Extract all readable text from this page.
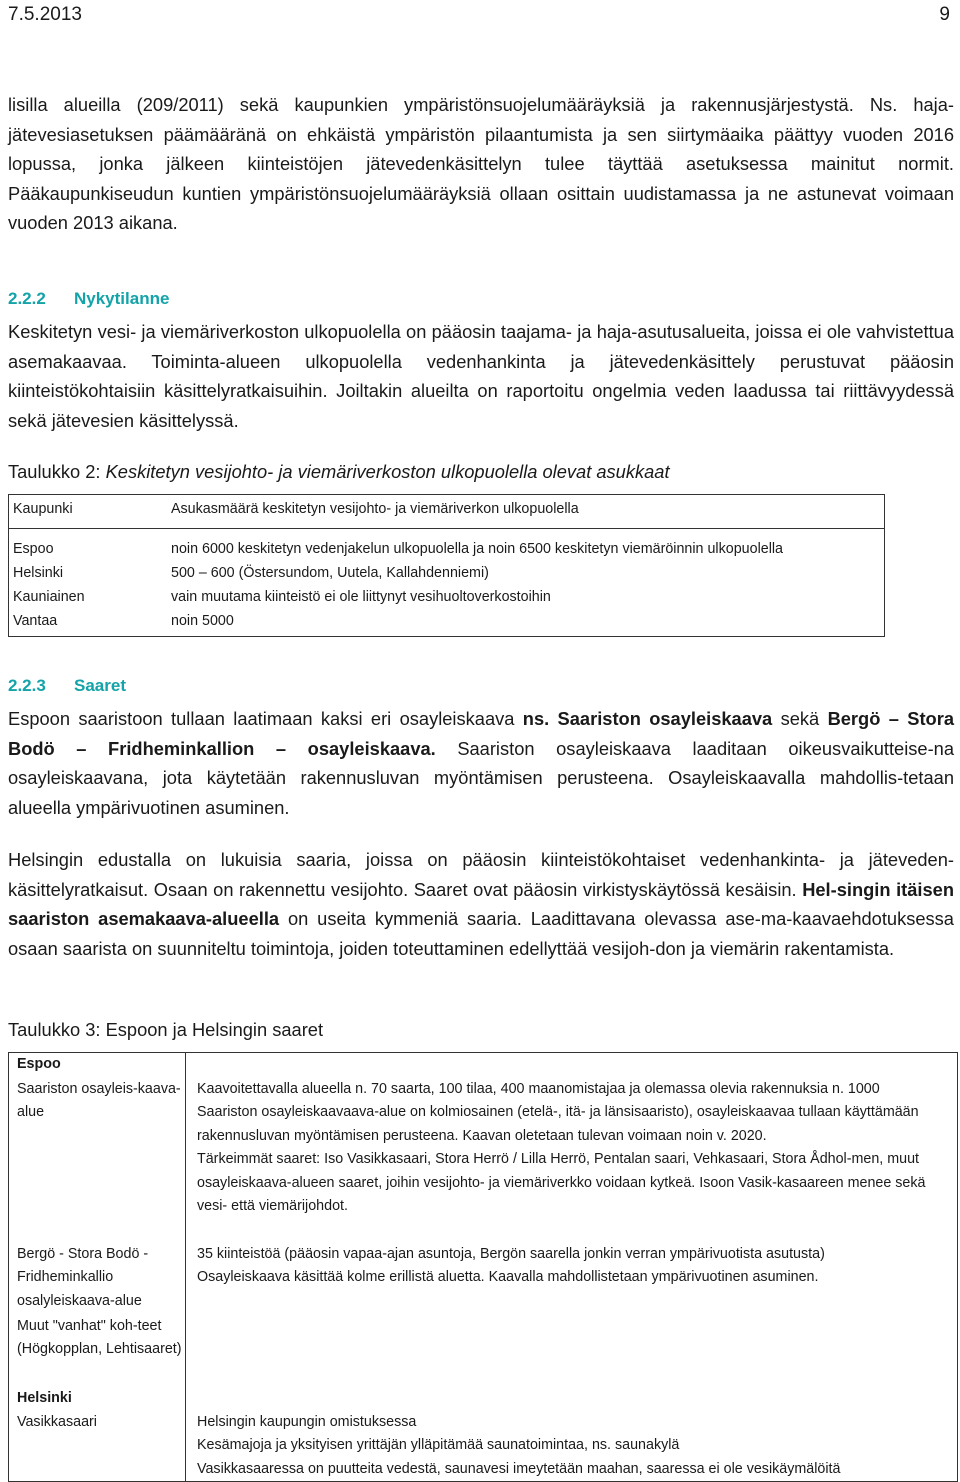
7.5.2013	9

lisilla alueilla (209/2011) sekä kaupunkien ympäristönsuojelumääräyksiä ja rakennusjärjestystä. Ns. haja-jätevesiasetuksen päämääränä on ehkäistä ympäristön pilaantumista ja sen siirtymäaika päättyy vuoden 2016 lopussa, jonka jälkeen kiinteistöjen jätevedenkäsittelyn tulee täyttää asetuksessa mainitut normit. Pääkaupunkiseudun kuntien ympäristönsuojelumääräyksiä ollaan osittain uudistamassa ja ne astunevat voimaan vuoden 2013 aikana.

2.2.2 Nykytilanne

Keskitetyn vesi- ja viemäriverkoston ulkopuolella on pääosin taajama- ja haja-asutusalueita, joissa ei ole vahvistettua asemakaavaa. Toiminta-alueen ulkopuolella vedenhankinta ja jätevedenkäsittely perustuvat pääosin kiinteistökohtaisiin käsittelyratkaisuihin. Joiltakin alueilta on raportoitu ongelmia veden laadussa tai riittävyydessä sekä jätevesien käsittelyssä.

Taulukko 2: Keskitetyn vesijohto- ja viemäriverkoston ulkopuolella olevat asukkaat
Kaupunki	Asukasmäärä keskitetyn vesijohto- ja viemäriverkon ulkopuolella

Espoo	noin 6000 keskitetyn vedenjakelun ulkopuolella ja noin 6500 keskitetyn viemäröinnin ulkopuolella
Helsinki	500 – 600 (Östersundom, Uutela, Kallahdenniemi)
Kauniainen	vain muutama kiinteistö ei ole liittynyt vesihuoltoverkostoihin
Vantaa	noin 5000
2.2.3 Saaret

Espoon saaristoon tullaan laatimaan kaksi eri osayleiskaava ns. Saariston osayleiskaava sekä Bergö – Stora Bodö – Fridheminkallion – osayleiskaava. Saariston osayleiskaava laaditaan oikeusvaikutteise-na osayleiskaavana, jota käytetään rakennusluvan myöntämisen perusteena. Osayleiskaavalla mahdollis-tetaan alueella ympärivuotinen asuminen.

Helsingin edustalla on lukuisia saaria, joissa on pääosin kiinteistökohtaiset vedenhankinta- ja jäteveden-käsittelyratkaisut. Osaan on rakennettu vesijohto. Saaret ovat pääosin virkistyskäytössä kesäisin. Hel-singin itäisen saariston asemakaava-alueella on useita kymmeniä saaria. Laadittavana olevassa ase-ma-kaavaehdotuksessa osaan saarista on suunniteltu toimintoja, joiden toteuttaminen edellyttää vesijoh-don ja viemärin rakentamista.

Taulukko 3: Espoon ja Helsingin saaret
Espoo	
Saariston osayleis-kaava-alue	Kaavoitettavalla alueella n. 70 saarta, 100 tilaa, 400 maanomistajaa ja olemassa olevia rakennuksia n. 1000
Saariston osayleiskaavaava-alue on kolmiosainen (etelä-, itä- ja länsisaaristo), osayleiskaavaa tullaan käyttämään rakennusluvan myöntämisen perusteena. Kaavan oletetaan tulevan voimaan noin v. 2020.
Tärkeimmät saaret: Iso Vasikkasaari, Stora Herrö / Lilla Herrö, Pentalan saari, Vehkasaari, Stora Ådhol-men, muut osayleiskaava-alueen saaret, joihin vesijohto- ja viemäriverkko voidaan kytkeä. Isoon Vasik-kasaareen menee sekä vesi- että viemärijohdot.

Bergö - Stora Bodö - Fridheminkallio osalyleiskaava-alue	35 kiinteistöä (pääosin vapaa-ajan asuntoja, Bergön saarella jonkin verran ympärivuotista asutusta)
Osayleiskaava käsittää kolme erillistä aluetta. Kaavalla mahdollistetaan ympärivuotinen asuminen.

Muut "vanhat" koh-teet (Högkopplan, Lehtisaaret)	
Helsinki	
Vasikkasaari	Helsingin kaupungin omistuksessa
Kesämajoja ja yksityisen yrittäjän ylläpitämää saunatoimintaa, ns. saunakylä
Vasikkasaaressa on puutteita vedestä, saunavesi imeytetään maahan, saaressa ei ole vesikäymälöitä
